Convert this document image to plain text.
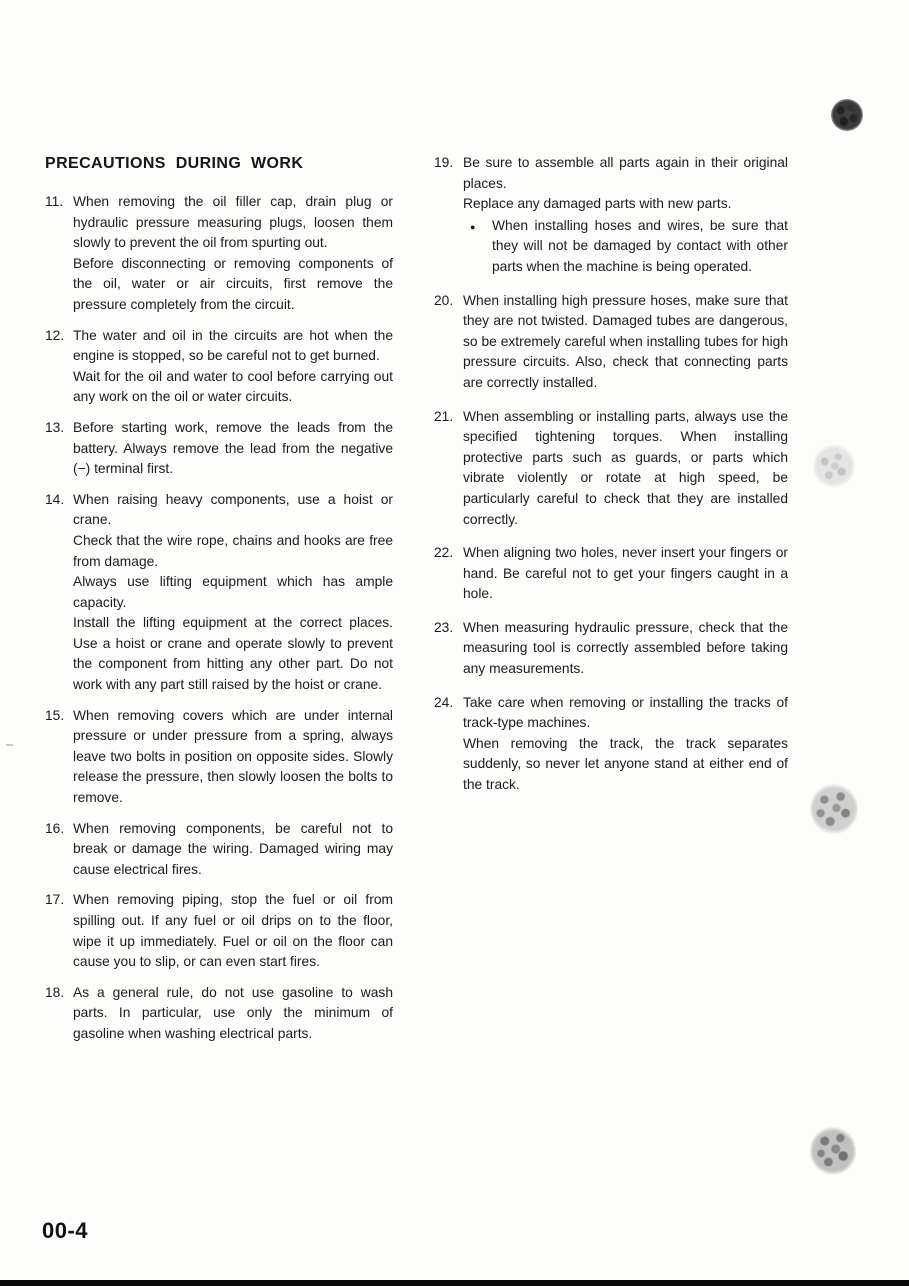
PRECAUTIONS DURING WORK
11. When removing the oil filler cap, drain plug or hydraulic pressure measuring plugs, loosen them slowly to prevent the oil from spurting out.

Before disconnecting or removing components of the oil, water or air circuits, first remove the pressure completely from the circuit.

12. The water and oil in the circuits are hot when the engine is stopped, so be careful not to get burned.

Wait for the oil and water to cool before carrying out any work on the oil or water circuits.

13. Before starting work, remove the leads from the battery. Always remove the lead from the negative (−) terminal first.

14. When raising heavy components, use a hoist or crane.

Check that the wire rope, chains and hooks are free from damage.

Always use lifting equipment which has ample capacity.

Install the lifting equipment at the correct places. Use a hoist or crane and operate slowly to prevent the component from hitting any other part. Do not work with any part still raised by the hoist or crane.

15. When removing covers which are under internal pressure or under pressure from a spring, always leave two bolts in position on opposite sides. Slowly release the pressure, then slowly loosen the bolts to remove.

16. When removing components, be careful not to break or damage the wiring. Damaged wiring may cause electrical fires.

17. When removing piping, stop the fuel or oil from spilling out. If any fuel or oil drips on to the floor, wipe it up immediately. Fuel or oil on the floor can cause you to slip, or can even start fires.

18. As a general rule, do not use gasoline to wash parts. In particular, use only the minimum of gasoline when washing electrical parts.

19. Be sure to assemble all parts again in their original places.

Replace any damaged parts with new parts.

●	When installing hoses and wires, be sure that they will not be damaged by contact with other parts when the machine is being operated.

20. When installing high pressure hoses, make sure that they are not twisted. Damaged tubes are dangerous, so be extremely careful when installing tubes for high pressure circuits. Also, check that connecting parts are correctly installed.

21. When assembling or installing parts, always use the specified tightening torques. When installing protective parts such as guards, or parts which vibrate violently or rotate at high speed, be particularly careful to check that they are installed correctly.

22. When aligning two holes, never insert your fingers or hand. Be careful not to get your fingers caught in a hole.

23. When measuring hydraulic pressure, check that the measuring tool is correctly assembled before taking any measurements.

24. Take care when removing or installing the tracks of track-type machines.

When removing the track, the track separates suddenly, so never let anyone stand at either end of the track.

00-4
